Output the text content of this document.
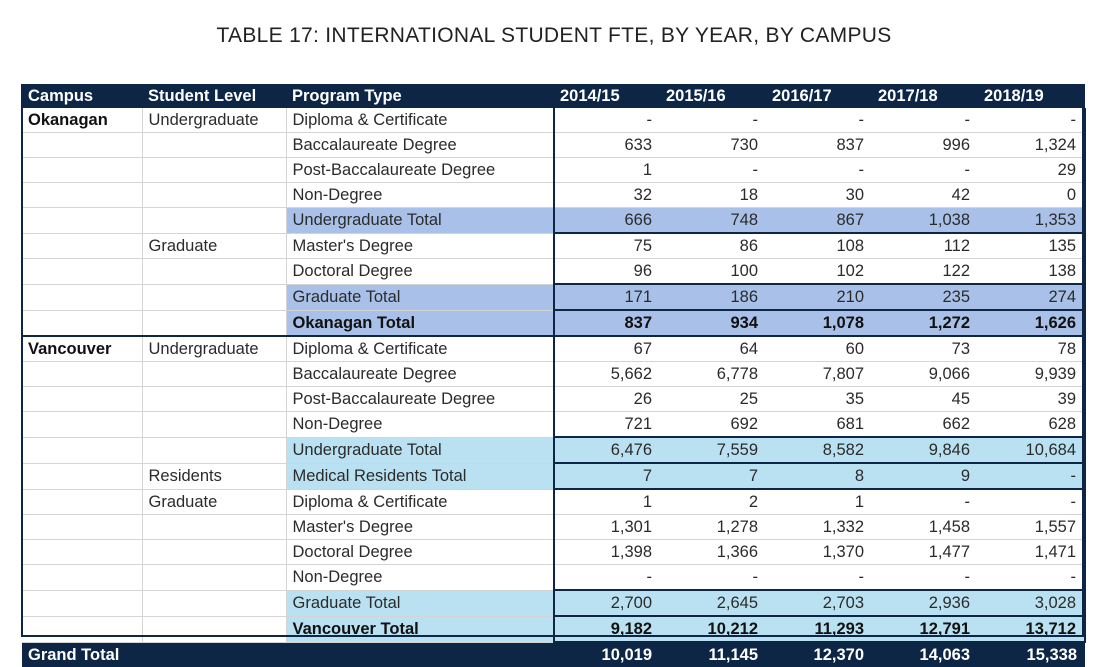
TABLE 17: INTERNATIONAL STUDENT FTE, BY YEAR, BY CAMPUS
Campus	Student Level	Program Type	2014/15	2015/16	2016/17	2017/18	2018/19
Okanagan	Undergraduate	Diploma & Certificate	-	-	-	-	-
		Baccalaureate Degree	633	730	837	996	1,324
		Post-Baccalaureate Degree	1	-	-	-	29
		Non-Degree	32	18	30	42	0
		Undergraduate Total	666	748	867	1,038	1,353
	Graduate	Master's Degree	75	86	108	112	135
		Doctoral Degree	96	100	102	122	138
		Graduate Total	171	186	210	235	274
		Okanagan Total	837	934	1,078	1,272	1,626
Vancouver	Undergraduate	Diploma & Certificate	67	64	60	73	78
		Baccalaureate Degree	5,662	6,778	7,807	9,066	9,939
		Post-Baccalaureate Degree	26	25	35	45	39
		Non-Degree	721	692	681	662	628
		Undergraduate Total	6,476	7,559	8,582	9,846	10,684
	Residents	Medical Residents Total	7	7	8	9	-
	Graduate	Diploma & Certificate	1	2	1	-	-
		Master's Degree	1,301	1,278	1,332	1,458	1,557
		Doctoral Degree	1,398	1,366	1,370	1,477	1,471
		Non-Degree	-	-	-	-	-
		Graduate Total	2,700	2,645	2,703	2,936	3,028
		Vancouver Total	9,182	10,212	11,293	12,791	13,712
Grand Total			10,019	11,145	12,370	14,063	15,338
